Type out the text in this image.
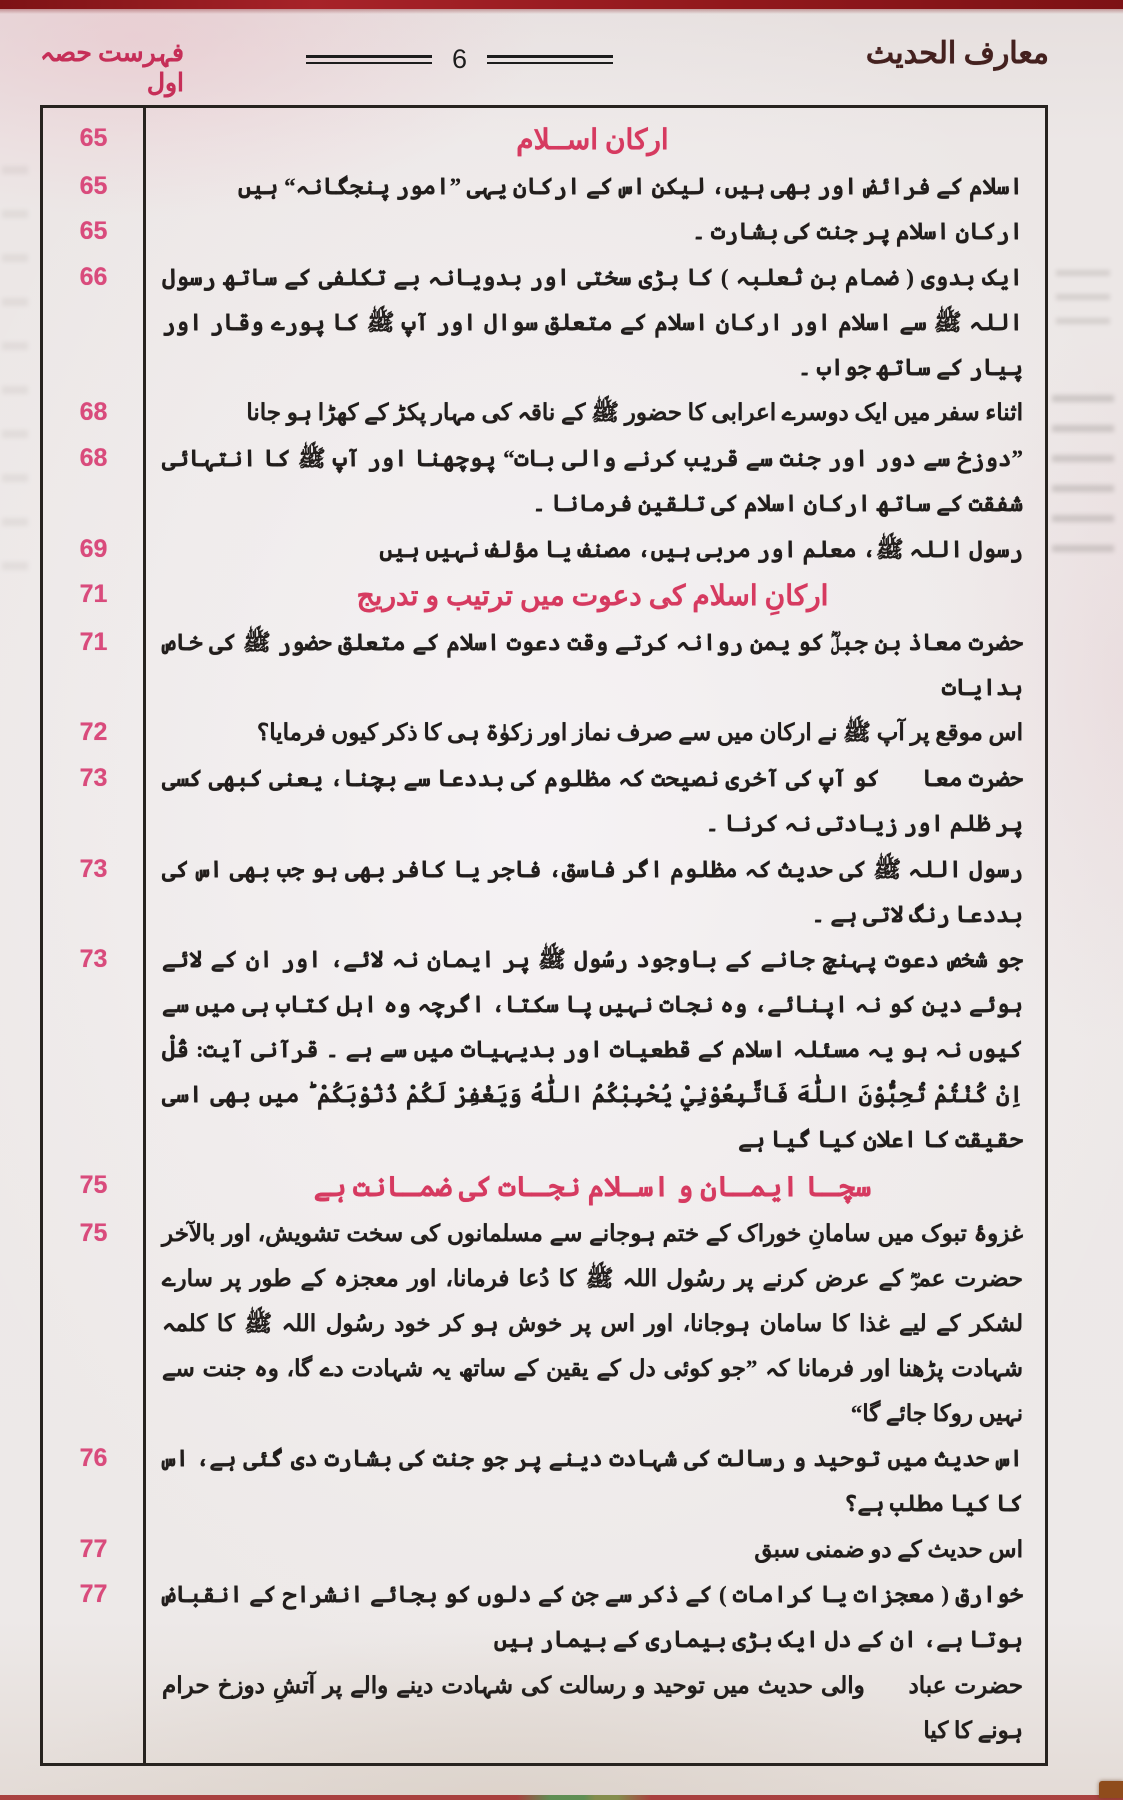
فہرست حصہ اول
6	معارف الحدیث
65	ارکان اســلام
65	اسلام کے فرائض اور بھی ہیں، لیکن اس کے ارکان یہی ”امور پنجگانہ“ ہیں
65	ارکانِ اسلام پر جنت کی بشارت ۔
66	ایک بدوی ( ضمام بن ثعلبہ ) کا بڑی سختی اور بدویانہ بے تکلفی کے ساتھ رسول اللہ ﷺ سے اسلام اور ارکان اسلام کے متعلق سوال اور آپ ﷺ کا پورے وقار اور پیار کے ساتھ جواب ۔
68	اثناء سفر میں ایک دوسرے اعرابی کا حضور ﷺ کے ناقہ کی مہار پکڑ کے کھڑا ہو جانا
68	”دوزخ سے دور اور جنت سے قریب کرنے والی بات“ پوچھنا اور آپ ﷺ کا انتہائی شفقت کے ساتھ ارکان اسلام کی تلقین فرمانا ۔
69	رسول اللہ ﷺ، معلم اور مربی ہیں، مصنف یا مؤلف نہیں ہیں
71	ارکانِ اسلام کی دعوت میں ترتیب و تدریج
71	حضرت معاذ بن جبلؓ کو یمن روانہ کرتے وقت دعوت اسلام کے متعلق حضور ﷺ کی خاص ہدایات
72	اس موقع پر آپ ﷺ نے ارکان میں سے صرف نماز اور زکوٰۃ ہی کا ذکر کیوں فرمایا؟
73	حضرت معاذؓ کو آپ کی آخری نصیحت کہ مظلوم کی بددعا سے بچنا، یعنی کبھی کسی پر ظلم اور زیادتی نہ کرنا ۔
73	رسول اللہ ﷺ کی حدیث کہ مظلوم اگر فاسق، فاجر یا کافر بھی ہو جب بھی اس کی بددعا رنگ لاتی ہے ۔
73	جو شخص دعوت پہنچ جانے کے باوجود رسُول ﷺ پر ایمان نہ لائے، اور ان کے لائے ہوئے دین کو نہ اپنائے، وہ نجات نہیں پا سکتا، اگرچہ وہ اہل کتاب ہی میں سے کیوں نہ ہو یہ مسئلہ اسلام کے قطعیات اور بدیہیات میں سے ہے ۔ قرآنی آیت: قُلْ اِنْ كُنْتُمْ تُحِبُّوْنَ اللّٰهَ فَاتَّبِعُوْنِيْ يُحْبِبْكُمُ اللّٰهُ وَيَغْفِرْ لَكُمْ ذُنُوْبَكُمْ ؕ میں بھی اسی حقیقت کا اعلان کیا گیا ہے
75	سچـا ایمـان و اسـلام نجـات کی ضمـانت ہے
75	غزوۂ تبوک میں سامانِ خوراک کے ختم ہوجانے سے مسلمانوں کی سخت تشویش، اور بالآخر حضرت عمرؓ کے عرض کرنے پر رسُول اللہ ﷺ کا دُعا فرمانا، اور معجزہ کے طور پر سارے لشکر کے لیے غذا کا سامان ہوجانا، اور اس پر خوش ہو کر خود رسُول اللہ ﷺ کا کلمہ شہادت پڑھنا اور فرمانا کہ ”جو کوئی دل کے یقین کے ساتھ یہ شہادت دے گا، وہ جنت سے نہیں روکا جائے گا“
76	اس حدیث میں توحید و رسالت کی شہادت دینے پر جو جنت کی بشارت دی گئی ہے، اس کا کیا مطلب ہے؟
77	اس حدیث کے دو ضمنی سبق
77	خوارق ( معجزات یا کرامات ) کے ذکر سے جن کے دلوں کو بجائے انشراح کے انقباض ہوتا ہے، ان کے دل ایک بڑی بیماری کے بیمار ہیں
حضرت عبادہؓ والی حدیث میں توحید و رسالت کی شہادت دینے والے پر آتشِ دوزخ حرام ہونے کا کیا
